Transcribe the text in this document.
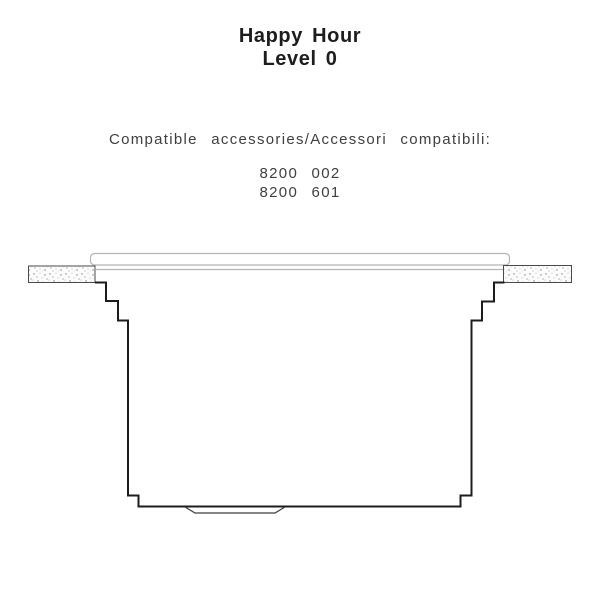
Happy Hour
Level 0
Compatible accessories/Accessori compatibili:
8200 002
8200 601
